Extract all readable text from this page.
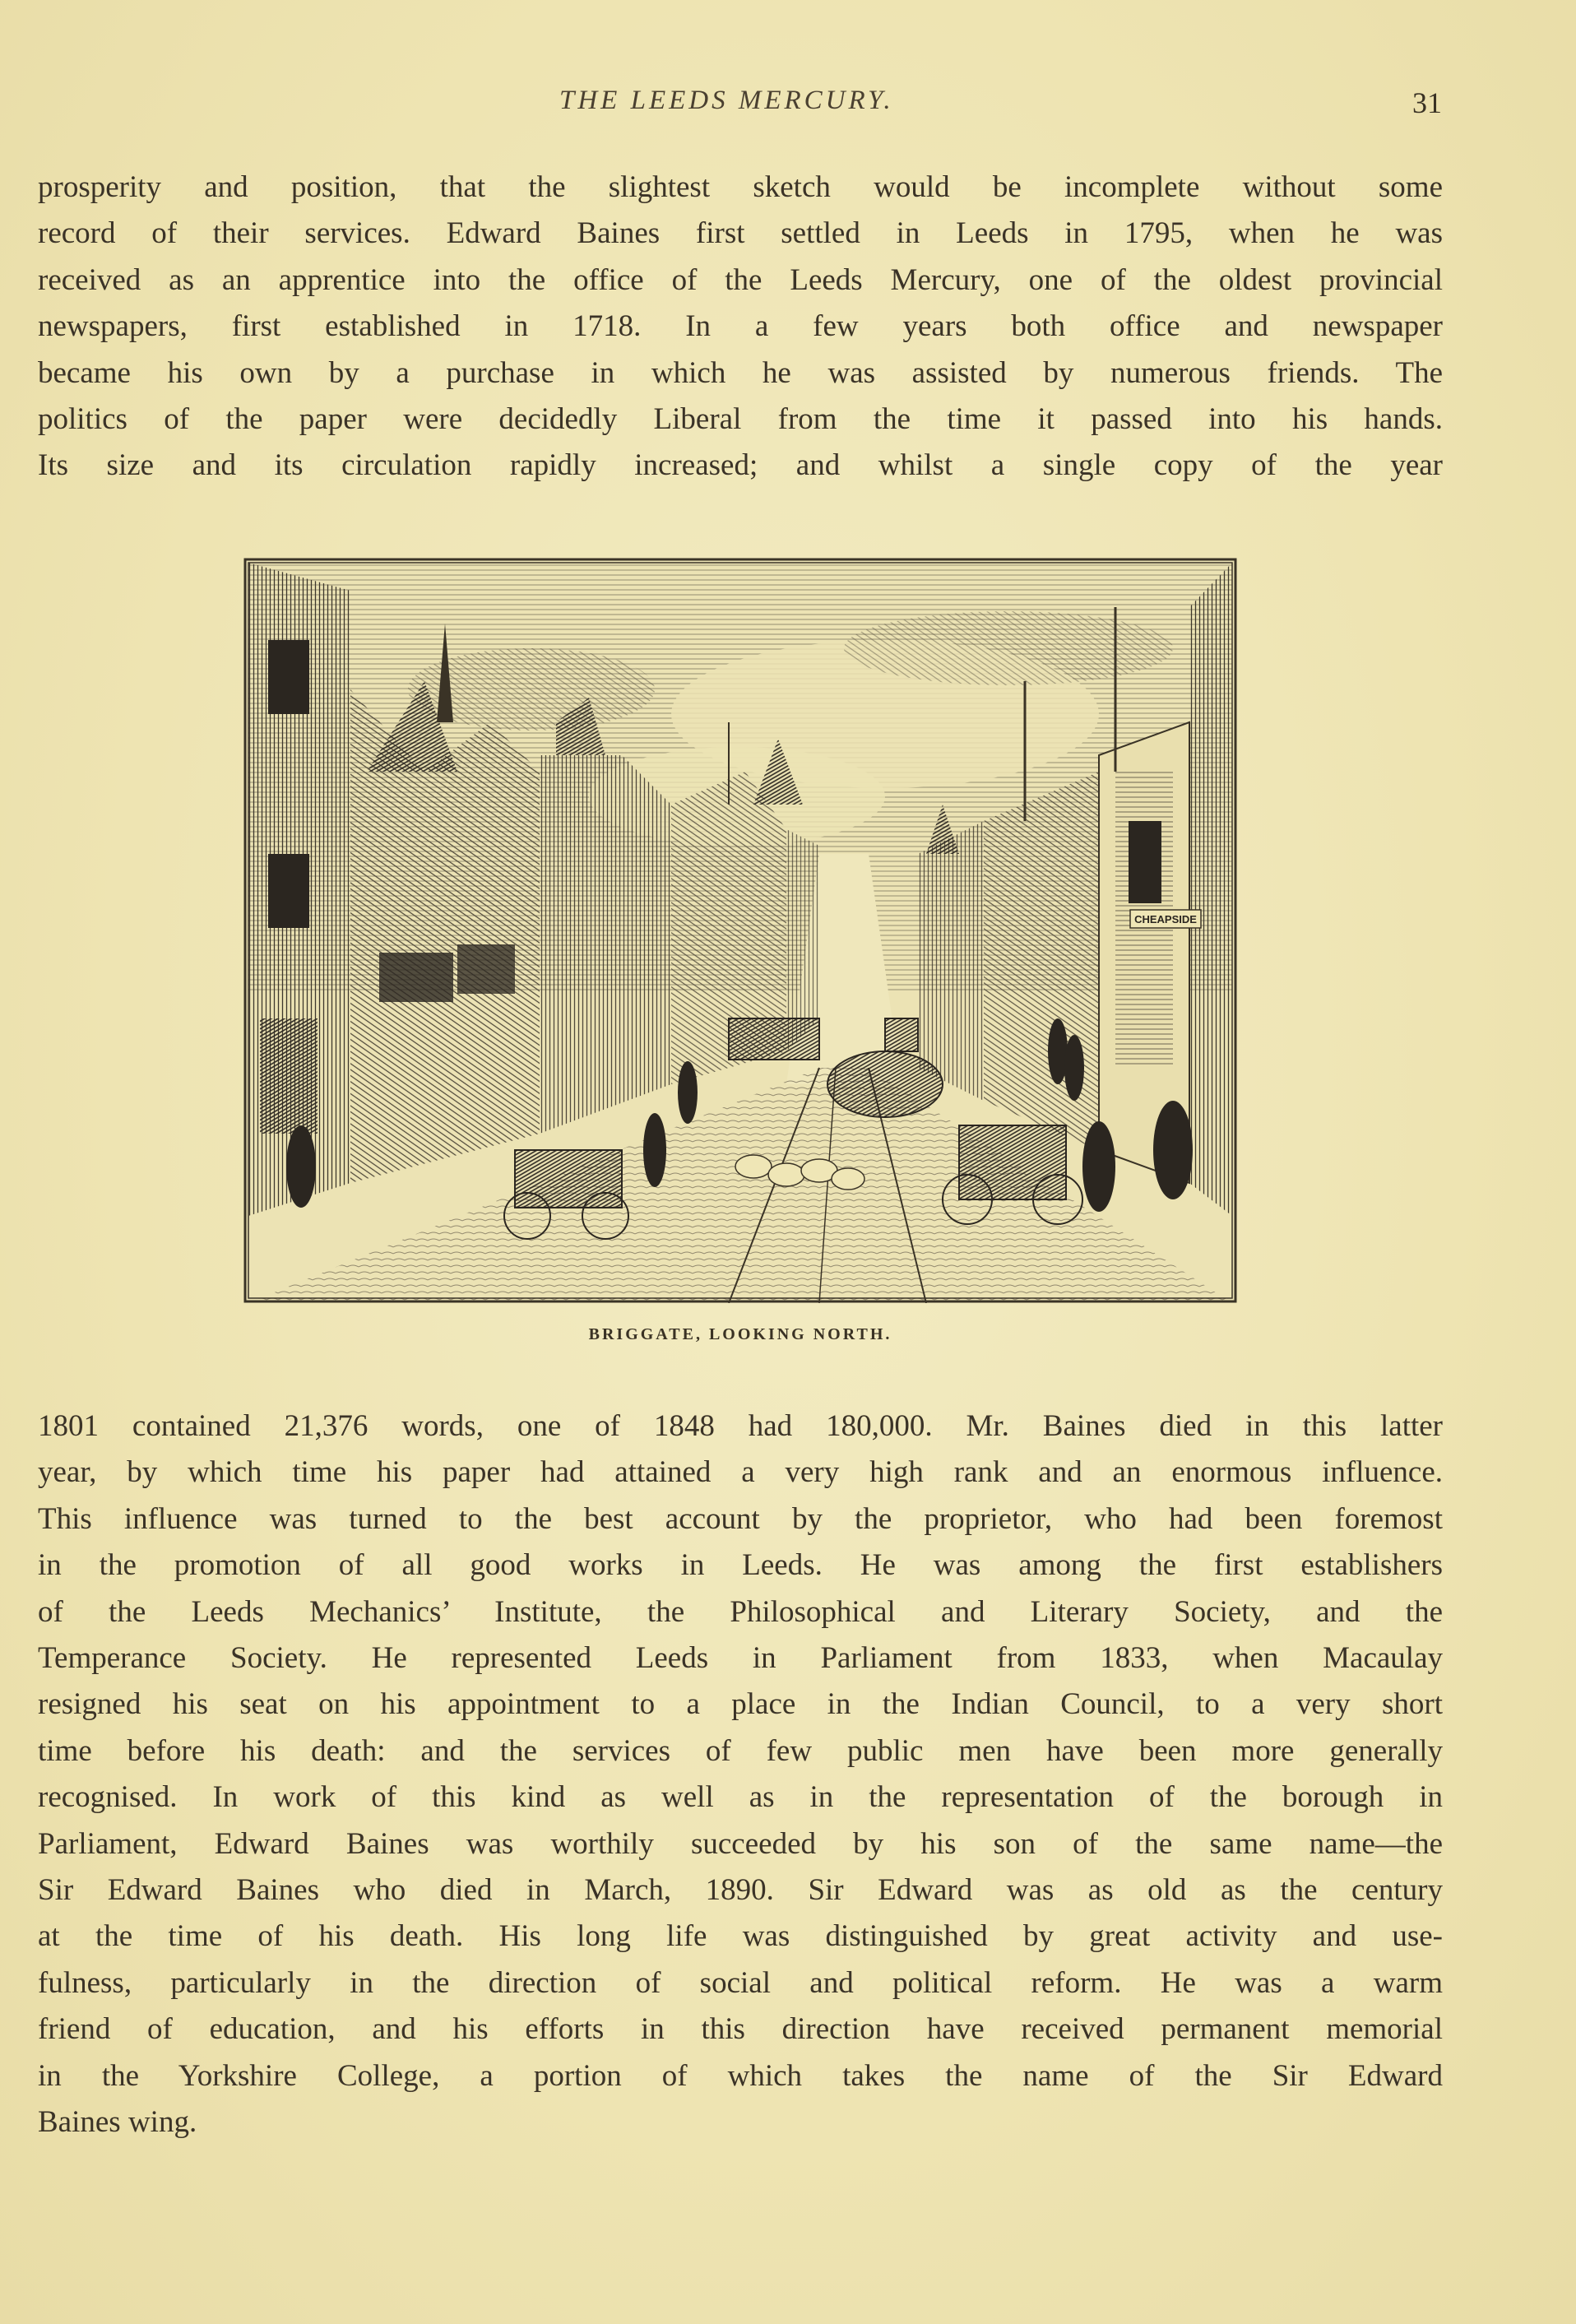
THE LEEDS MERCURY.	31
prosperity and position, that the slightest sketch would be incomplete without some
record of their services. Edward Baines first settled in Leeds in 1795, when he was
received as an apprentice into the office of the Leeds Mercury, one of the oldest provincial
newspapers, first established in 1718. In a few years both office and newspaper
became his own by a purchase in which he was assisted by numerous friends. The
politics of the paper were decidedly Liberal from the time it passed into his hands.
Its size and its circulation rapidly increased; and whilst a single copy of the year
CHEAPSIDE
BRIGGATE, LOOKING NORTH.
1801 contained 21,376 words, one of 1848 had 180,000. Mr. Baines died in this latter
year, by which time his paper had attained a very high rank and an enormous influence.
This influence was turned to the best account by the proprietor, who had been foremost
in the promotion of all good works in Leeds. He was among the first establishers
of the Leeds Mechanics’ Institute, the Philosophical and Literary Society, and the
Temperance Society. He represented Leeds in Parliament from 1833, when Macaulay
resigned his seat on his appointment to a place in the Indian Council, to a very short
time before his death: and the services of few public men have been more generally
recognised. In work of this kind as well as in the representation of the borough in
Parliament, Edward Baines was worthily succeeded by his son of the same name—the
Sir Edward Baines who died in March, 1890. Sir Edward was as old as the century
at the time of his death. His long life was distinguished by great activity and use-
fulness, particularly in the direction of social and political reform. He was a warm
friend of education, and his efforts in this direction have received permanent memorial
in the Yorkshire College, a portion of which takes the name of the Sir Edward
Baines wing.
